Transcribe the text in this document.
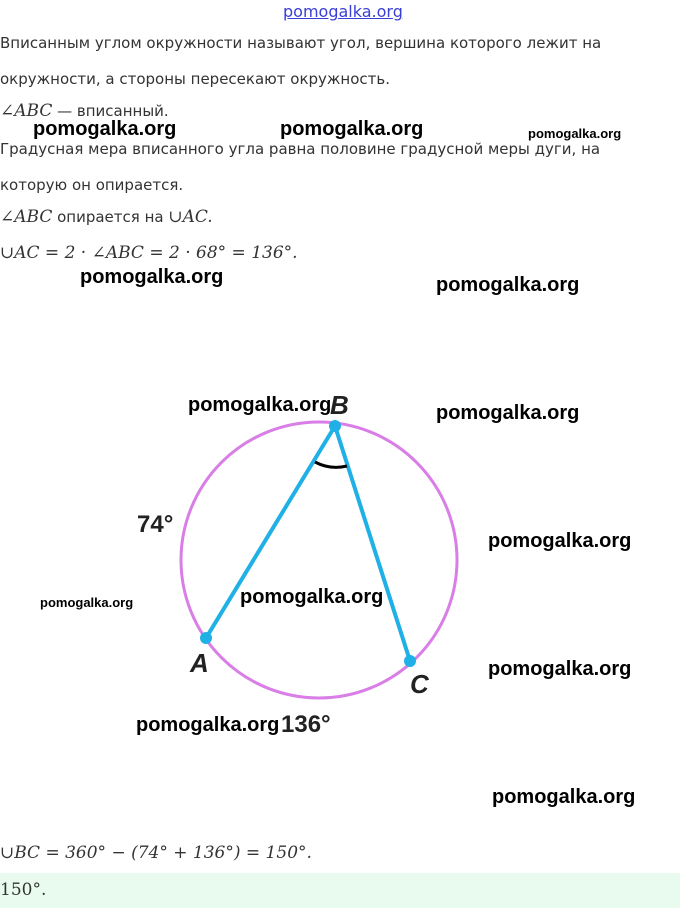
pomogalka.org
Вписанным углом окружности называют угол, вершина которого лежит на
окружности, а стороны пересекают окружность.
∠ABC — вписанный.
Градусная мера вписанного угла равна половине градусной меры дуги, на
которую он опирается.
∠ABC опирается на ∪AC.
∪AC = 2 · ∠ABC = 2 · 68° = 136°.
B
A
C
74°
136°
∪BC = 360° − (74° + 136°) = 150°.
150°.
pomogalka.org	pomogalka.org	pomogalka.org
pomogalka.org	pomogalka.org
pomogalka.org	pomogalka.org
pomogalka.org
pomogalka.org
pomogalka.org
pomogalka.org
pomogalka.org
pomogalka.org
